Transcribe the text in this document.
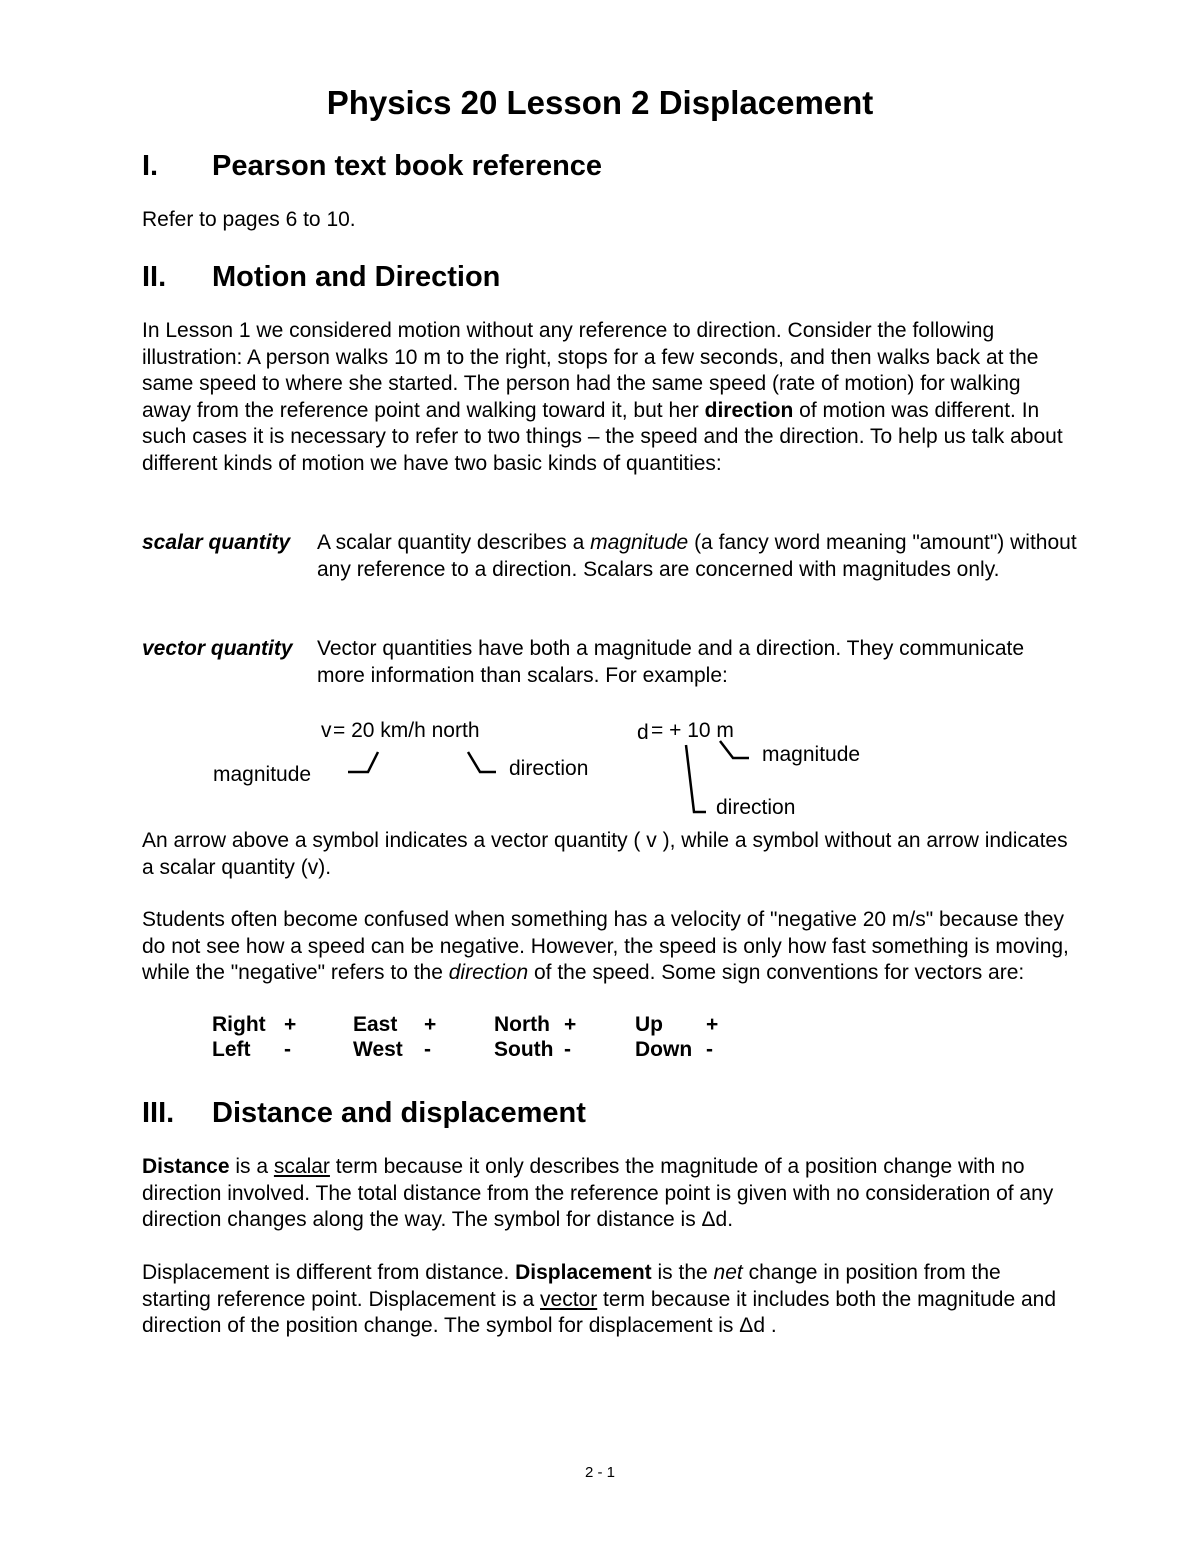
Physics 20 Lesson 2 Displacement
I. Pearson text book reference
Refer to pages 6 to 10.
II. Motion and Direction
In Lesson 1 we considered motion without any reference to direction. Consider the following illustration: A person walks 10 m to the right, stops for a few seconds, and then walks back at the same speed to where she started. The person had the same speed (rate of motion) for walking away from the reference point and walking toward it, but her direction of motion was different. In such cases it is necessary to refer to two things – the speed and the direction. To help us talk about different kinds of motion we have two basic kinds of quantities:
scalar quantity A scalar quantity describes a magnitude (a fancy word meaning "amount") without any reference to a direction. Scalars are concerned with magnitudes only.
vector quantity Vector quantities have both a magnitude and a direction. They communicate more information than scalars. For example:
v = 20 km/h north
magnitude	direction
d = + 10 m
magnitude
direction
An arrow above a symbol indicates a vector quantity ( v ), while a symbol without an arrow indicates a scalar quantity (v).
Students often become confused when something has a velocity of "negative 20 m/s" because they do not see how a speed can be negative. However, the speed is only how fast something is moving, while the "negative" refers to the direction of the speed. Some sign conventions for vectors are:
Right +
Left -
East +
West -
North +
South -
Up +
Down -
III. Distance and displacement
Distance is a scalar term because it only describes the magnitude of a position change with no direction involved. The total distance from the reference point is given with no consideration of any direction changes along the way. The symbol for distance is Δd.
Displacement is different from distance. Displacement is the net change in position from the starting reference point. Displacement is a vector term because it includes both the magnitude and direction of the position change. The symbol for displacement is Δd .
2 - 1
